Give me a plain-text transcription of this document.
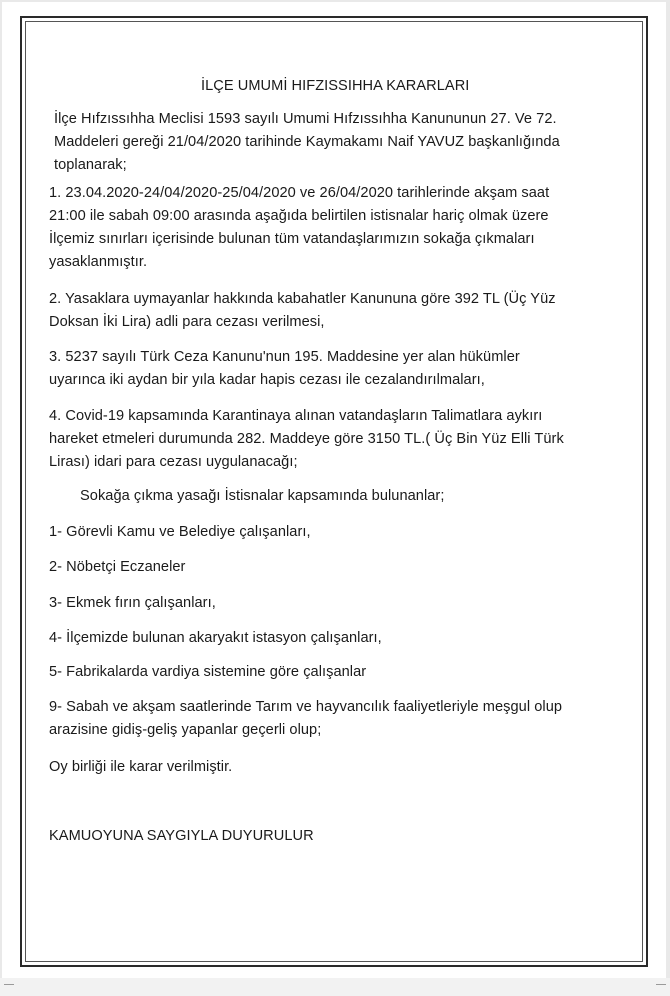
İLÇE UMUMİ HIFZISSIHHA KARARLARI
İlçe Hıfzıssıhha Meclisi 1593 sayılı Umumi Hıfzıssıhha Kanununun 27. Ve 72.
Maddeleri gereği 21/04/2020 tarihinde Kaymakamı Naif YAVUZ başkanlığında
toplanarak;
1. 23.04.2020-24/04/2020-25/04/2020 ve 26/04/2020 tarihlerinde akşam saat
21:00 ile sabah 09:00 arasında aşağıda belirtilen istisnalar hariç olmak üzere
İlçemiz sınırları içerisinde bulunan tüm vatandaşlarımızın sokağa çıkmaları
yasaklanmıştır.
2. Yasaklara uymayanlar hakkında kabahatler Kanununa göre 392 TL (Üç Yüz
Doksan İki Lira) adli para cezası verilmesi,
3. 5237 sayılı Türk Ceza Kanunu'nun 195. Maddesine yer alan hükümler
uyarınca iki aydan bir yıla kadar hapis cezası ile cezalandırılmaları,
4. Covid-19 kapsamında Karantinaya alınan vatandaşların Talimatlara aykırı
hareket etmeleri durumunda 282. Maddeye göre 3150 TL.( Üç Bin Yüz Elli Türk
Lirası) idari para cezası uygulanacağı;
Sokağa çıkma yasağı İstisnalar kapsamında bulunanlar;
1- Görevli Kamu ve Belediye çalışanları,
2- Nöbetçi Eczaneler
3- Ekmek fırın çalışanları,
4- İlçemizde bulunan akaryakıt istasyon çalışanları,
5- Fabrikalarda vardiya sistemine göre çalışanlar
9- Sabah ve akşam saatlerinde Tarım ve hayvancılık faaliyetleriyle meşgul olup
arazisine gidiş-geliş yapanlar geçerli olup;
Oy birliği ile karar verilmiştir.
KAMUOYUNA SAYGIYLA DUYURULUR
